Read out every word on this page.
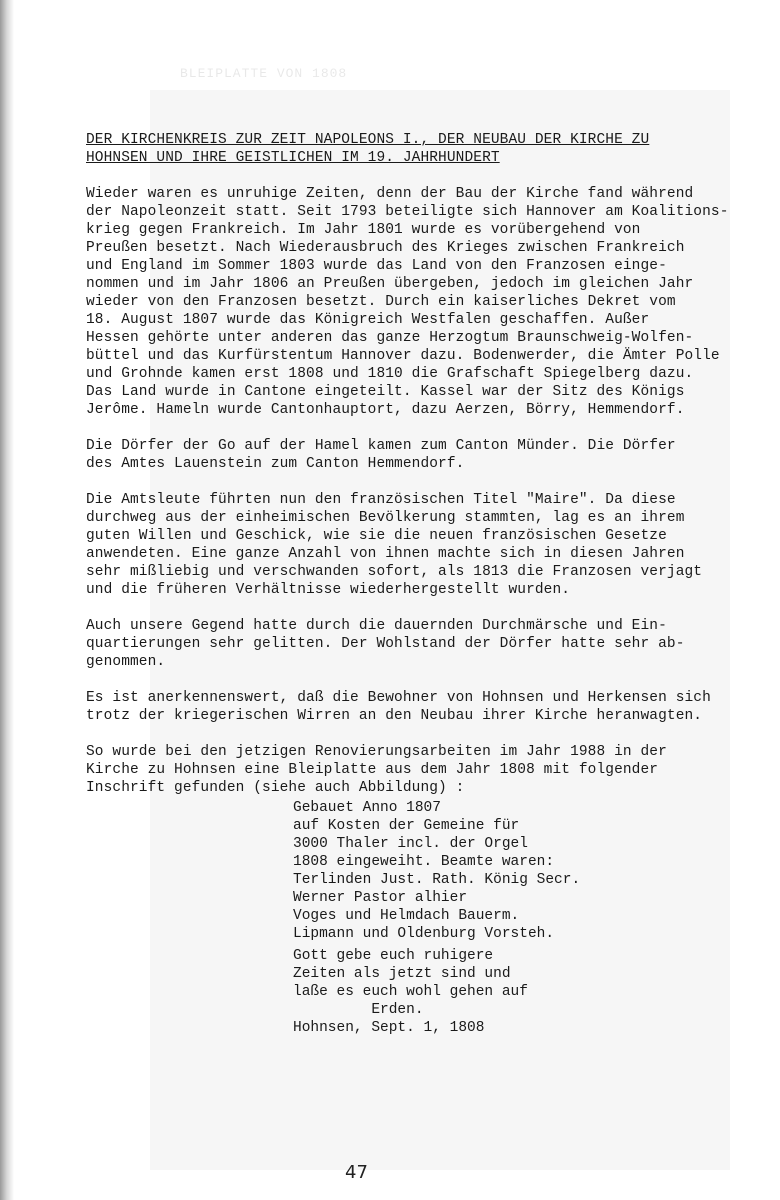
BLEIPLATTE VON 1808
DER KIRCHENKREIS ZUR ZEIT NAPOLEONS I., DER NEUBAU DER KIRCHE ZU
HOHNSEN UND IHRE GEISTLICHEN IM 19. JAHRHUNDERT
Wieder waren es unruhige Zeiten, denn der Bau der Kirche fand während
der Napoleonzeit statt. Seit 1793 beteiligte sich Hannover am Koalitions-
krieg gegen Frankreich. Im Jahr 1801 wurde es vorübergehend von
Preußen besetzt. Nach Wiederausbruch des Krieges zwischen Frankreich
und England im Sommer 1803 wurde das Land von den Franzosen einge-
nommen und im Jahr 1806 an Preußen übergeben, jedoch im gleichen Jahr
wieder von den Franzosen besetzt. Durch ein kaiserliches Dekret vom
18. August 1807 wurde das Königreich Westfalen geschaffen. Außer
Hessen gehörte unter anderen das ganze Herzogtum Braunschweig-Wolfen-
büttel und das Kurfürstentum Hannover dazu. Bodenwerder, die Ämter Polle
und Grohnde kamen erst 1808 und 1810 die Grafschaft Spiegelberg dazu.
Das Land wurde in Cantone eingeteilt. Kassel war der Sitz des Königs
Jerôme. Hameln wurde Cantonhauptort, dazu Aerzen, Börry, Hemmendorf.
Die Dörfer der Go auf der Hamel kamen zum Canton Münder. Die Dörfer
des Amtes Lauenstein zum Canton Hemmendorf.
Die Amtsleute führten nun den französischen Titel "Maire". Da diese
durchweg aus der einheimischen Bevölkerung stammten, lag es an ihrem
guten Willen und Geschick, wie sie die neuen französischen Gesetze
anwendeten. Eine ganze Anzahl von ihnen machte sich in diesen Jahren
sehr mißliebig und verschwanden sofort, als 1813 die Franzosen verjagt
und die früheren Verhältnisse wiederhergestellt wurden.
Auch unsere Gegend hatte durch die dauernden Durchmärsche und Ein-
quartierungen sehr gelitten. Der Wohlstand der Dörfer hatte sehr ab-
genommen.
Es ist anerkennenswert, daß die Bewohner von Hohnsen und Herkensen sich
trotz der kriegerischen Wirren an den Neubau ihrer Kirche heranwagten.
So wurde bei den jetzigen Renovierungsarbeiten im Jahr 1988 in der
Kirche zu Hohnsen eine Bleiplatte aus dem Jahr 1808 mit folgender
Inschrift gefunden (siehe auch Abbildung) :
Gebauet Anno 1807
auf Kosten der Gemeine für
3000 Thaler incl. der Orgel
1808 eingeweiht. Beamte waren:
Terlinden Just. Rath. König Secr.
Werner Pastor alhier
Voges und Helmdach Bauerm.
Lipmann und Oldenburg Vorsteh.
Gott gebe euch ruhigere
Zeiten als jetzt sind und
laße es euch wohl gehen auf
Erden.
Hohnsen, Sept. 1, 1808
47
